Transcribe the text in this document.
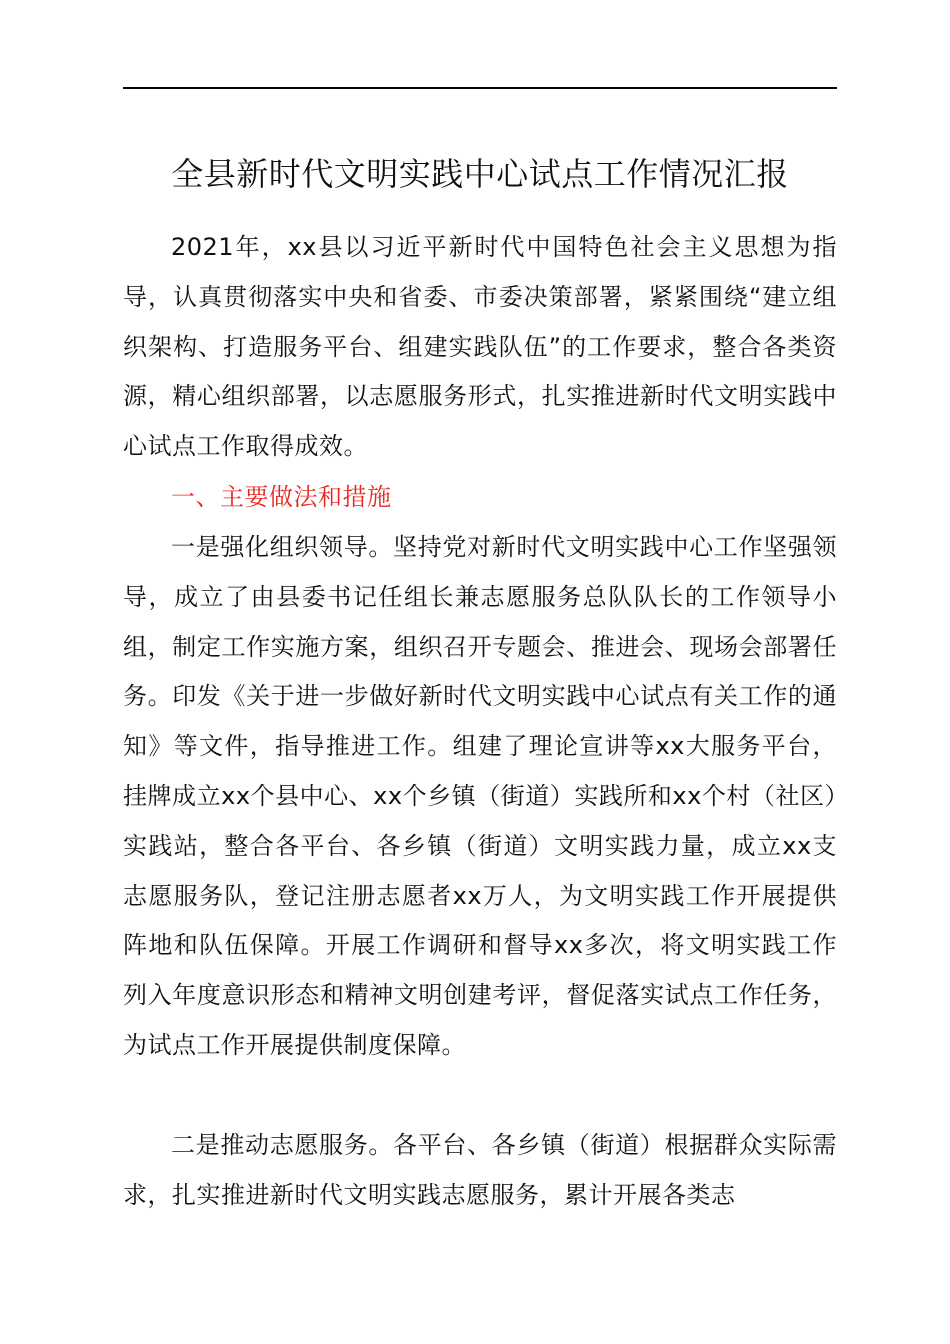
全县新时代文明实践中心试点工作情况汇报

2021年，xx县以习近平新时代中国特色社会主义思想为指导，认真贯彻落实中央和省委、市委决策部署，紧紧围绕“建立组织架构、打造服务平台、组建实践队伍”的工作要求，整合各类资源，精心组织部署，以志愿服务形式，扎实推进新时代文明实践中心试点工作取得成效。

一、主要做法和措施

一是强化组织领导。坚持党对新时代文明实践中心工作坚强领导，成立了由县委书记任组长兼志愿服务总队队长的工作领导小组，制定工作实施方案，组织召开专题会、推进会、现场会部署任务。印发《关于进一步做好新时代文明实践中心试点有关工作的通知》等文件，指导推进工作。组建了理论宣讲等xx大服务平台，挂牌成立xx个县中心、xx个乡镇（街道）实践所和xx个村（社区）实践站，整合各平台、各乡镇（街道）文明实践力量，成立xx支志愿服务队，登记注册志愿者xx万人，为文明实践工作开展提供阵地和队伍保障。开展工作调研和督导xx多次，将文明实践工作列入年度意识形态和精神文明创建考评，督促落实试点工作任务，为试点工作开展提供制度保障。

二是推动志愿服务。各平台、各乡镇（街道）根据群众实际需求，扎实推进新时代文明实践志愿服务，累计开展各类志
